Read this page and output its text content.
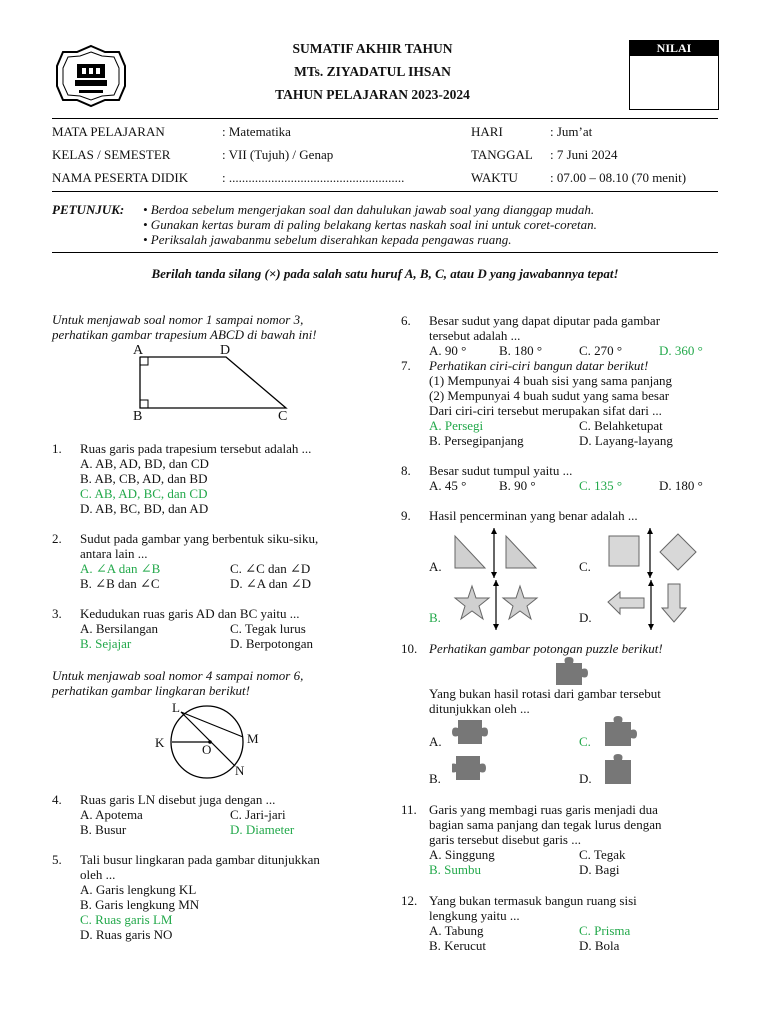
SUMATIF AKHIR TAHUN
MTs. ZIYADATUL IHSAN
TAHUN PELAJARAN 2023-2024
NILAI
MATA PELAJARAN	: Matematika	HARI	: Jum’at
KELAS / SEMESTER	: VII (Tujuh) / Genap	TANGGAL : 7 Juni 2024
NAMA PESERTA DIDIK	: ......................................................	WAKTU : 07.00 – 08.10 (70 menit)
PETUNJUK: • Berdoa sebelum mengerjakan soal dan dahulukan jawab soal yang dianggap mudah.
• Gunakan kertas buram di paling belakang kertas naskah soal ini untuk coret-coretan.
• Periksalah jawabanmu sebelum diserahkan kepada pengawas ruang.
Berilah tanda silang (×) pada salah satu huruf A, B, C, atau D yang jawabannya tepat!
Untuk menjawab soal nomor 1 sampai nomor 3,
perhatikan gambar trapesium ABCD di bawah ini!
A	D
B	C
1. Ruas garis pada trapesium tersebut adalah ...
A. AB, AD, BD, dan CD
B. AB, CB, AD, dan BD
C. AB, AD, BC, dan CD
D. AB, BC, BD, dan AD
2. Sudut pada gambar yang berbentuk siku-siku,
antara lain ...
A. ∠A dan ∠B	C. ∠C dan ∠D
B. ∠B dan ∠C	D. ∠A dan ∠D
3. Kedudukan ruas garis AD dan BC yaitu ...
A. Bersilangan	C. Tegak lurus
B. Sejajar	D. Berpotongan
Untuk menjawab soal nomor 4 sampai nomor 6,
perhatikan gambar lingkaran berikut!
L
M
K	O
N
4. Ruas garis LN disebut juga dengan ...
A. Apotema	C. Jari-jari
B. Busur	D. Diameter
5. Tali busur lingkaran pada gambar ditunjukkan
oleh ...
A. Garis lengkung KL
B. Garis lengkung MN
C. Ruas garis LM
D. Ruas garis NO
6. Besar sudut yang dapat diputar pada gambar
tersebut adalah ...
A. 90 °	B. 180 °	C. 270 °	D. 360 °
7. Perhatikan ciri-ciri bangun datar berikut!
(1) Mempunyai 4 buah sisi yang sama panjang
(2) Mempunyai 4 buah sudut yang sama besar
Dari ciri-ciri tersebut merupakan sifat dari ...
A. Persegi	C. Belahketupat
B. Persegipanjang	D. Layang-layang
8. Besar sudut tumpul yaitu ...
A. 45 °	B. 90 °	C. 135 °	D. 180 °
9. Hasil pencerminan yang benar adalah ...
A.	C.
B.	D.
10. Perhatikan gambar potongan puzzle berikut!
Yang bukan hasil rotasi dari gambar tersebut
ditunjukkan oleh ...
A.	C.
B.	D.
11. Garis yang membagi ruas garis menjadi dua
bagian sama panjang dan tegak lurus dengan
garis tersebut disebut garis ...
A. Singgung	C. Tegak
B. Sumbu	D. Bagi
12. Yang bukan termasuk bangun ruang sisi
lengkung yaitu ...
A. Tabung	C. Prisma
B. Kerucut	D. Bola
